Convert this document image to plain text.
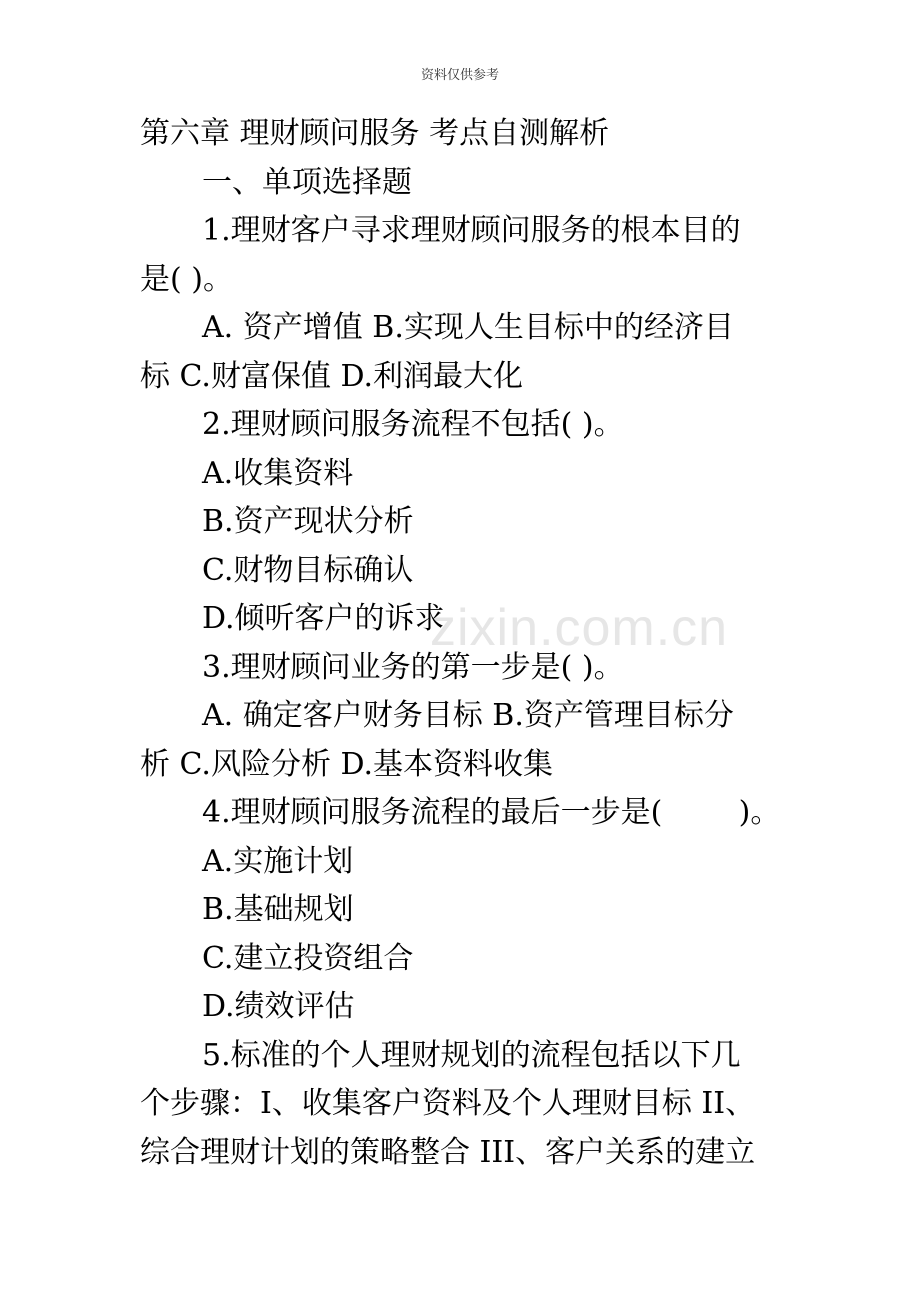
资料仅供参考
zixin.com.cn

第六章 理财顾问服务 考点自测解析

一、单项选择题

1.理财客户寻求理财顾问服务的根本目的

是( )。

A. 资产增值 B.实现人生目标中的经济目

标 C.财富保值 D.利润最大化

2.理财顾问服务流程不包括( )。

A.收集资料

B.资产现状分析

C.财物目标确认

D.倾听客户的诉求

3.理财顾问业务的第一步是( )。

A. 确定客户财务目标 B.资产管理目标分

析 C.风险分析 D.基本资料收集

4.理财顾问服务流程的最后一步是(        )。

A.实施计划

B.基础规划

C.建立投资组合

D.绩效评估

5.标准的个人理财规划的流程包括以下几

个步骤：I、收集客户资料及个人理财目标 II、

综合理财计划的策略整合 III、客户关系的建立
